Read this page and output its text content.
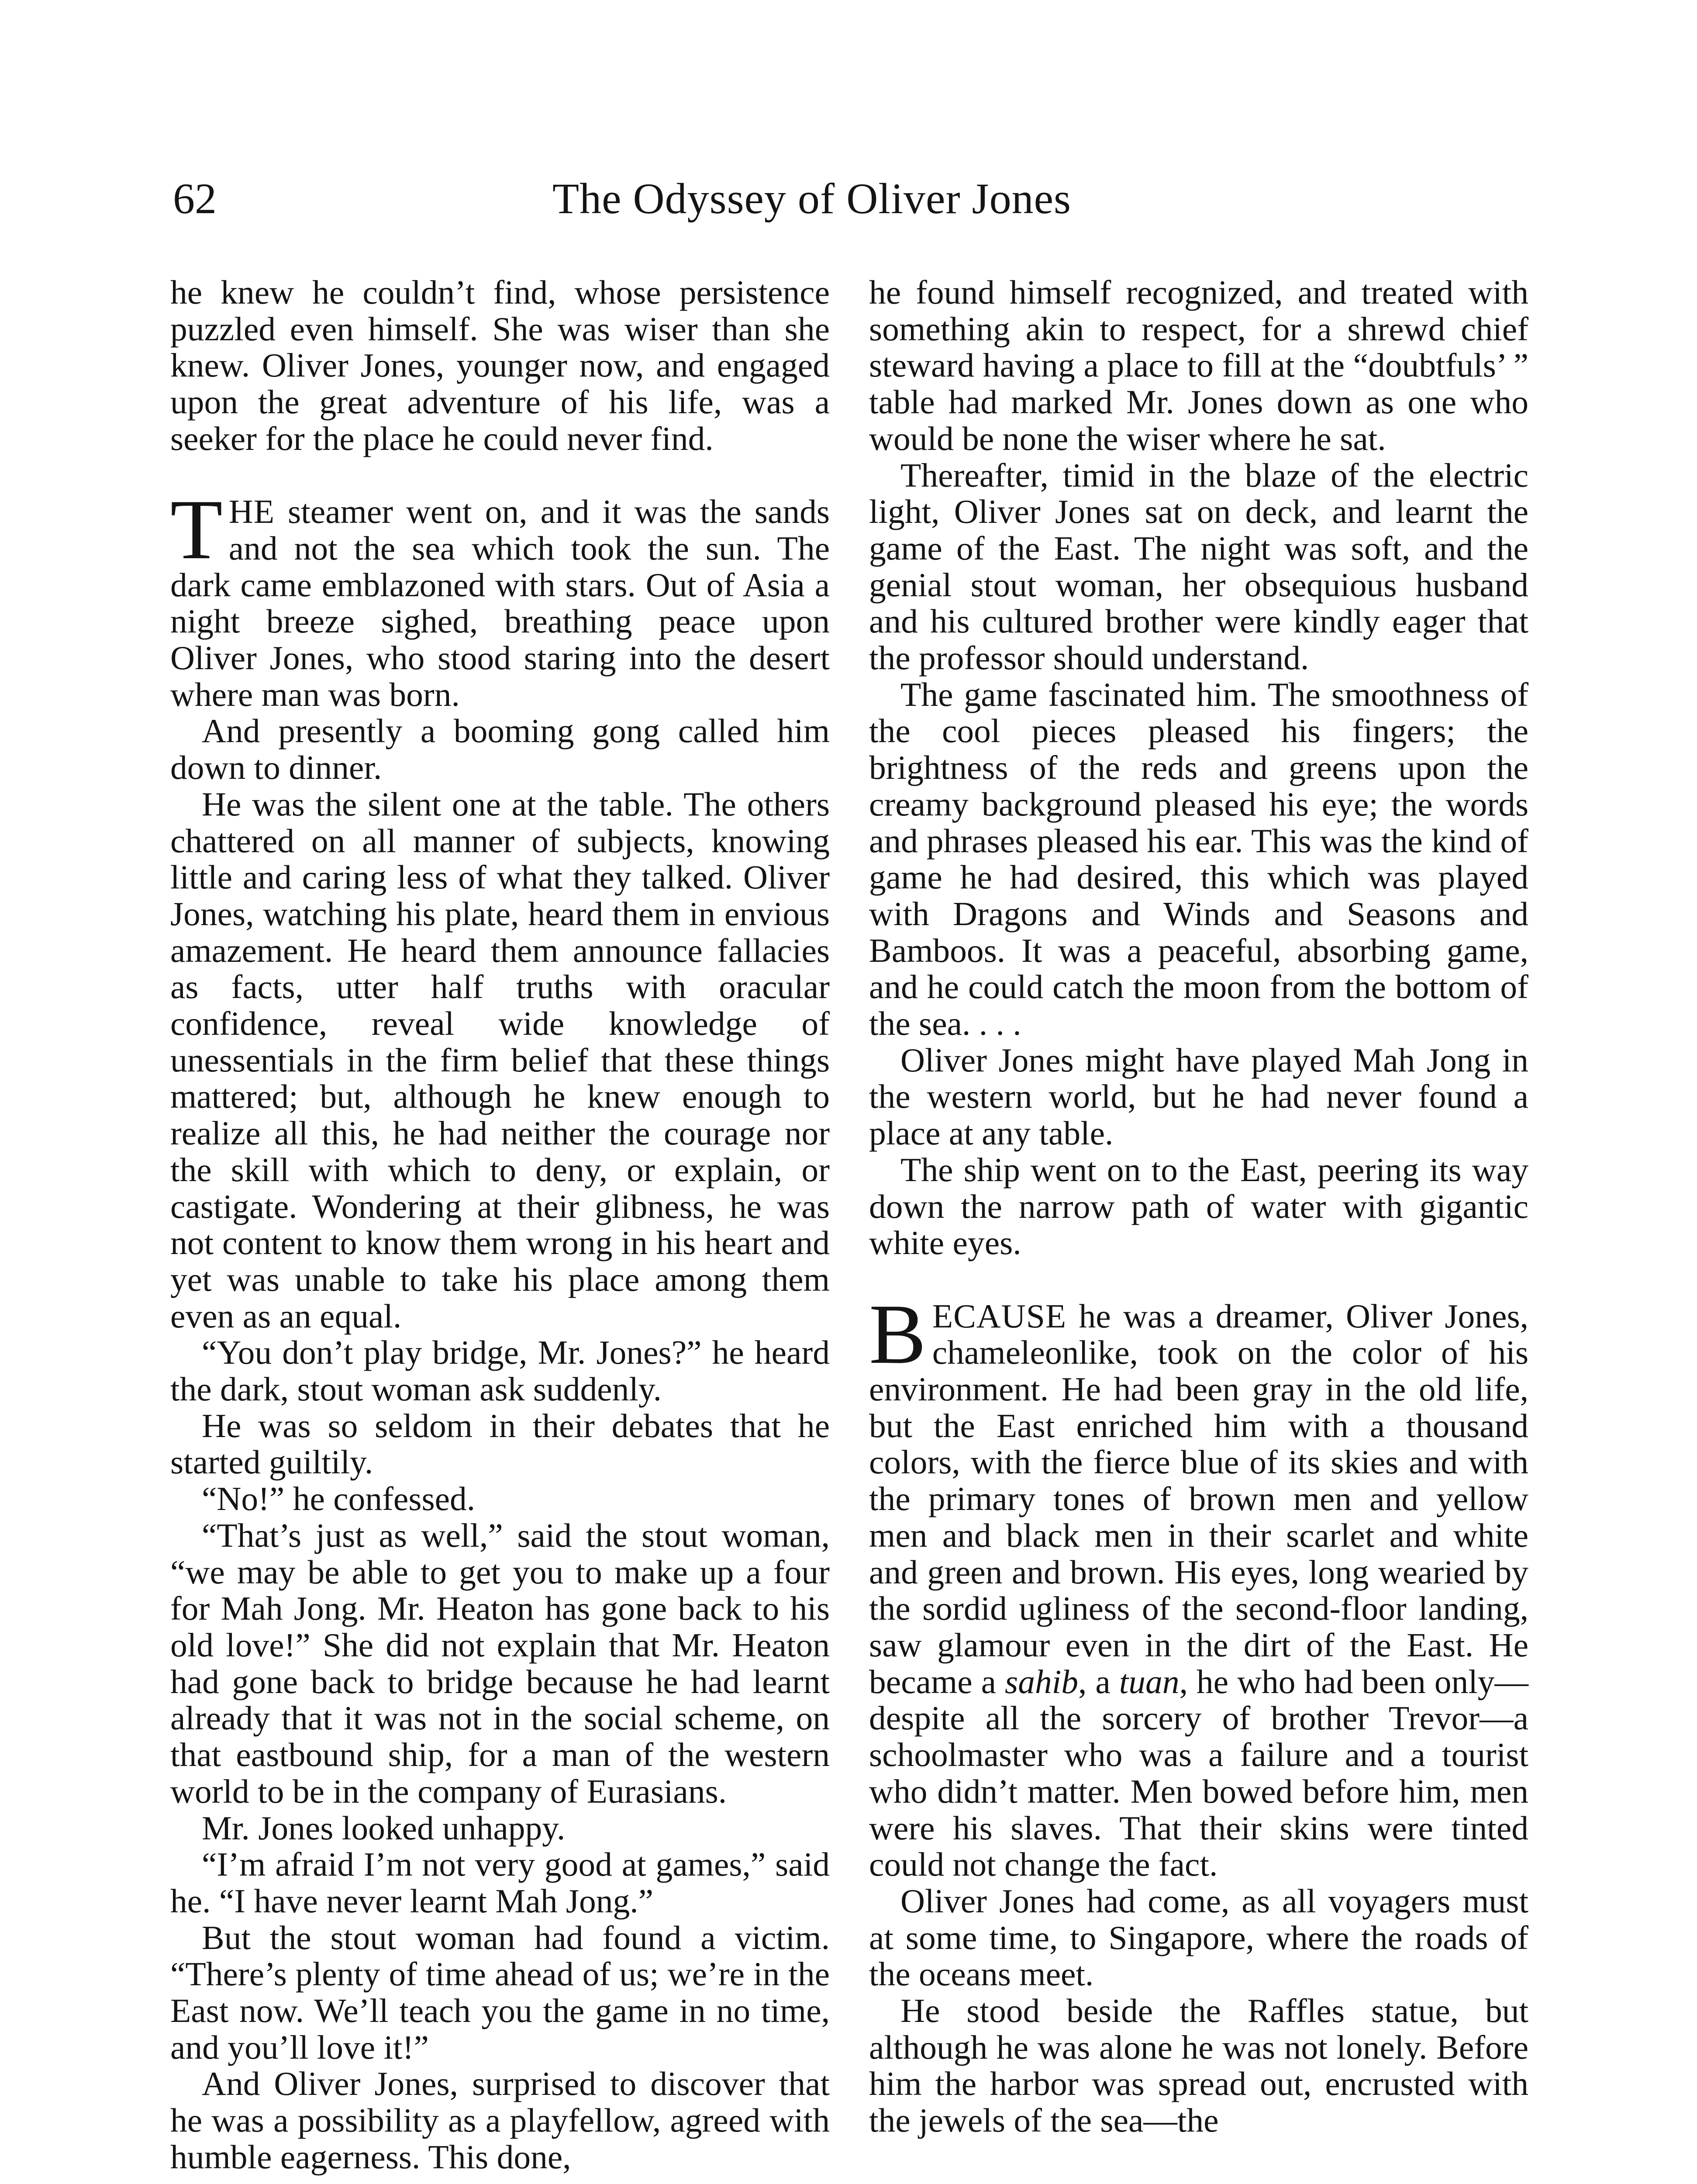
62	The Odyssey of Oliver Jones

he knew he couldn’t find, whose persistence puzzled even himself. She was wiser than she knew. Oliver Jones, younger now, and engaged upon the great adventure of his life, was a seeker for the place he could never find.

THE steamer went on, and it was the sands and not the sea which took the sun. The dark came emblazoned with stars. Out of Asia a night breeze sighed, breathing peace upon Oliver Jones, who stood staring into the desert where man was born.

And presently a booming gong called him down to dinner.

He was the silent one at the table. The others chattered on all manner of subjects, knowing little and caring less of what they talked. Oliver Jones, watching his plate, heard them in envious amazement. He heard them announce fallacies as facts, utter half truths with oracular confidence, reveal wide knowledge of unessentials in the firm belief that these things mattered; but, although he knew enough to realize all this, he had neither the courage nor the skill with which to deny, or explain, or castigate. Wondering at their glibness, he was not content to know them wrong in his heart and yet was unable to take his place among them even as an equal.

“You don’t play bridge, Mr. Jones?” he heard the dark, stout woman ask suddenly.

He was so seldom in their debates that he started guiltily.

“No!” he confessed.

“That’s just as well,” said the stout woman, “we may be able to get you to make up a four for Mah Jong. Mr. Heaton has gone back to his old love!” She did not explain that Mr. Heaton had gone back to bridge because he had learnt already that it was not in the social scheme, on that eastbound ship, for a man of the western world to be in the company of Eurasians.

Mr. Jones looked unhappy.

“I’m afraid I’m not very good at games,” said he. “I have never learnt Mah Jong.”

But the stout woman had found a victim. “There’s plenty of time ahead of us; we’re in the East now. We’ll teach you the game in no time, and you’ll love it!”

And Oliver Jones, surprised to discover that he was a possibility as a playfellow, agreed with humble eagerness. This done,

he found himself recognized, and treated with something akin to respect, for a shrewd chief steward having a place to fill at the “doubtfuls’ ” table had marked Mr. Jones down as one who would be none the wiser where he sat.

Thereafter, timid in the blaze of the electric light, Oliver Jones sat on deck, and learnt the game of the East. The night was soft, and the genial stout woman, her obsequious husband and his cultured brother were kindly eager that the professor should understand.

The game fascinated him. The smoothness of the cool pieces pleased his fingers; the brightness of the reds and greens upon the creamy background pleased his eye; the words and phrases pleased his ear. This was the kind of game he had desired, this which was played with Dragons and Winds and Seasons and Bamboos. It was a peaceful, absorbing game, and he could catch the moon from the bottom of the sea. . . .

Oliver Jones might have played Mah Jong in the western world, but he had never found a place at any table.

The ship went on to the East, peering its way down the narrow path of water with gigantic white eyes.

BECAUSE he was a dreamer, Oliver Jones, chameleonlike, took on the color of his environment. He had been gray in the old life, but the East enriched him with a thousand colors, with the fierce blue of its skies and with the primary tones of brown men and yellow men and black men in their scarlet and white and green and brown. His eyes, long wearied by the sordid ugliness of the second-floor landing, saw glamour even in the dirt of the East. He became a sahib, a tuan, he who had been only—despite all the sorcery of brother Trevor—a schoolmaster who was a failure and a tourist who didn’t matter. Men bowed before him, men were his slaves. That their skins were tinted could not change the fact.

Oliver Jones had come, as all voyagers must at some time, to Singapore, where the roads of the oceans meet.

He stood beside the Raffles statue, but although he was alone he was not lonely. Before him the harbor was spread out, encrusted with the jewels of the sea—the
